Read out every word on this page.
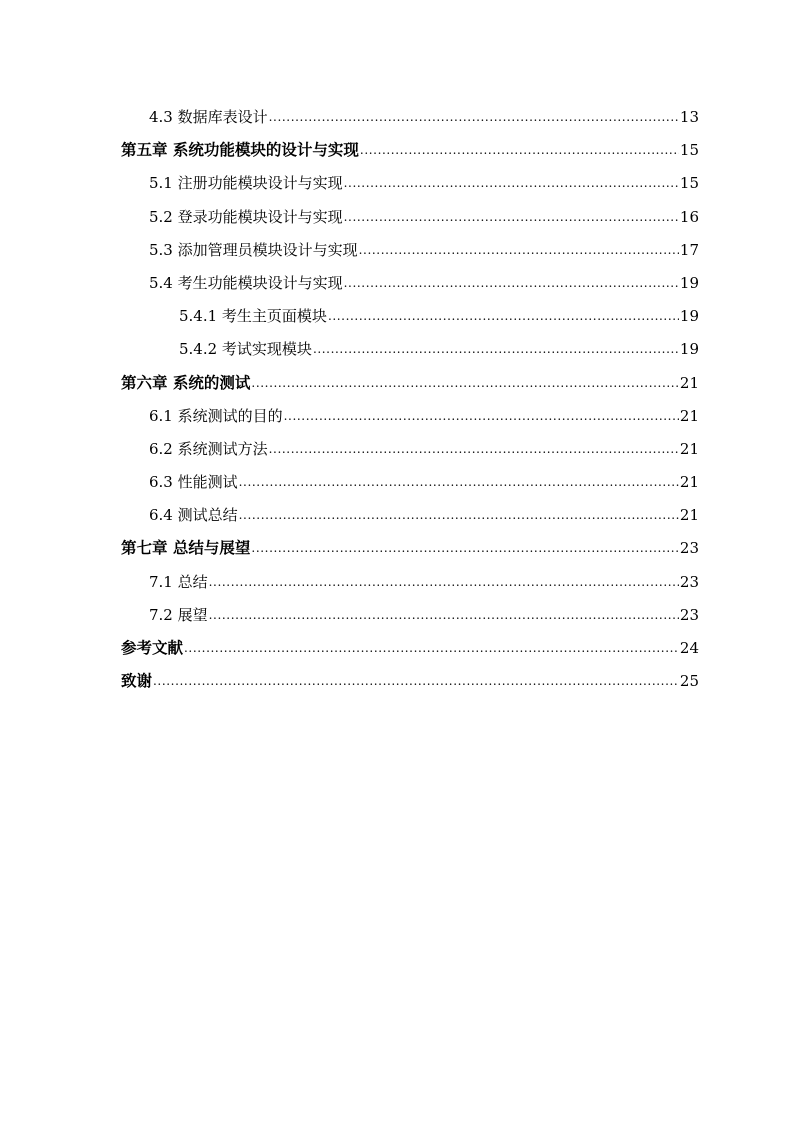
4.3 数据库表设计 .....	13
第五章 系统功能模块的设计与实现 .....	15
5.1 注册功能模块设计与实现 .....	15
5.2 登录功能模块设计与实现 .....	16
5.3 添加管理员模块设计与实现 .....	17
5.4 考生功能模块设计与实现 .....	19
5.4.1 考生主页面模块 .....	19
5.4.2 考试实现模块 .....	19
第六章 系统的测试 .....	21
6.1 系统测试的目的 .....	21
6.2 系统测试方法 .....	21
6.3 性能测试 .....	21
6.4 测试总结 .....	21
第七章 总结与展望 .....	23
7.1 总结 .....	23
7.2 展望 .....	23
参考文献 .....	24
致谢 .....	25
